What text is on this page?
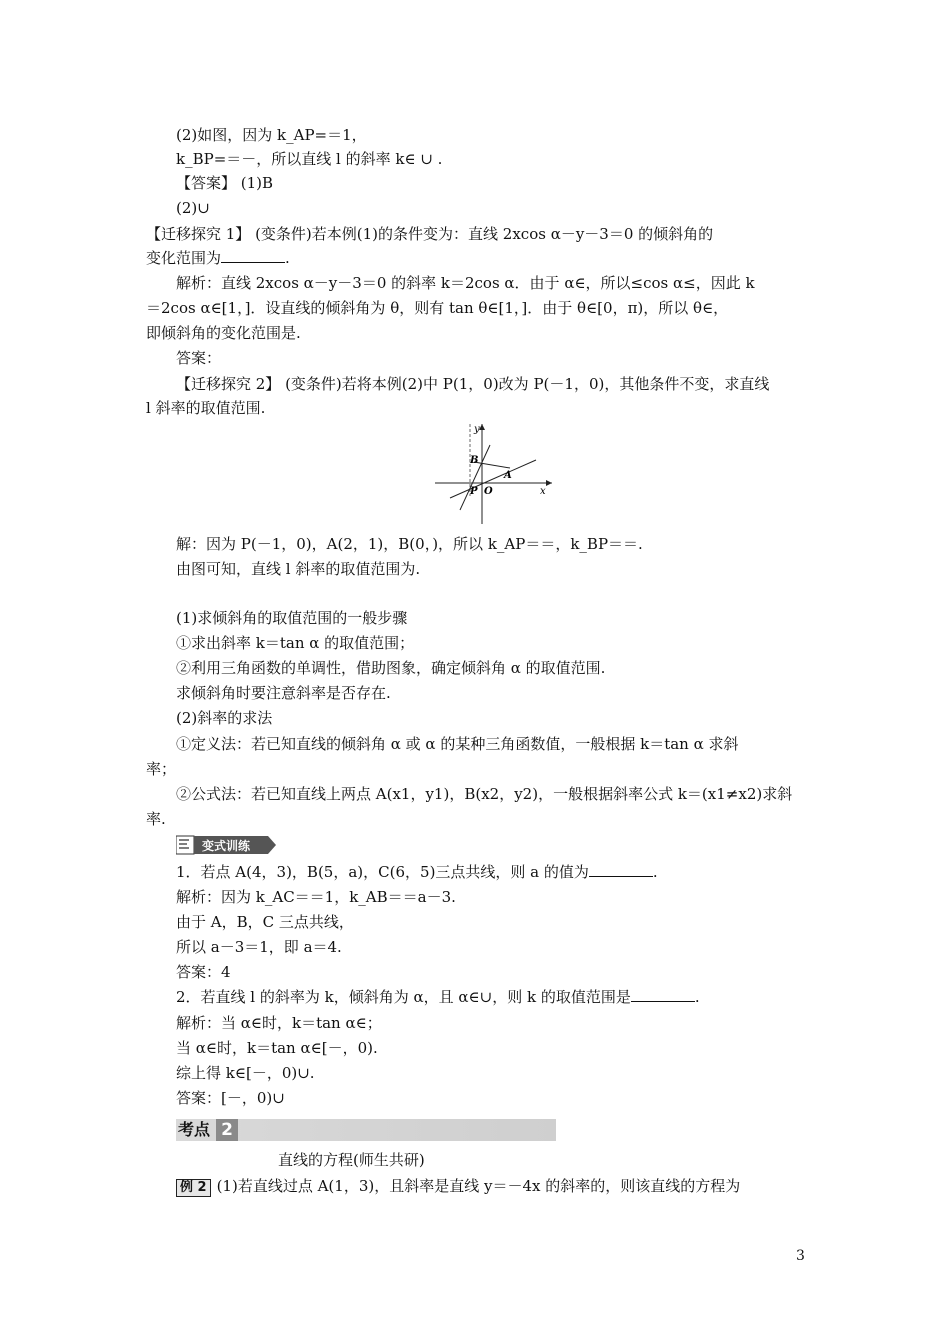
(2)如图，因为 k_AP=＝1，
k_BP=＝－，所以直线 l 的斜率 k∈ ∪ .
【答案】 (1)B
(2)∪
【迁移探究 1】 (变条件)若本例(1)的条件变为：直线 2xcos α－y－3＝0 的倾斜角的
变化范围为	.
解析：直线 2xcos α－y－3＝0 的斜率 k＝2cos α．由于 α∈，所以≤cos α≤，因此 k
＝2cos α∈[1，]．设直线的倾斜角为 θ，则有 tan θ∈[1，]．由于 θ∈[0，π)，所以 θ∈，
即倾斜角的变化范围是.
答案：
【迁移探究 2】 (变条件)若将本例(2)中 P(1，0)改为 P(－1，0)，其他条件不变，求直线
l 斜率的取值范围.
y
x
B
A
P O
解：因为 P(－1，0)，A(2，1)，B(0，)，所以 k_AP＝＝，k_BP＝＝.
由图可知，直线 l 斜率的取值范围为.
(1)求倾斜角的取值范围的一般步骤
①求出斜率 k＝tan α 的取值范围；
②利用三角函数的单调性，借助图象，确定倾斜角 α 的取值范围.
求倾斜角时要注意斜率是否存在.
(2)斜率的求法
①定义法：若已知直线的倾斜角 α 或 α 的某种三角函数值，一般根据 k＝tan α 求斜
率；
②公式法：若已知直线上两点 A(x1，y1)，B(x2，y2)，一般根据斜率公式 k＝(x1≠x2)求斜
率.
变式训练
1．若点 A(4，3)，B(5，a)，C(6，5)三点共线，则 a 的值为	.
解析：因为 k_AC＝＝1，k_AB＝＝a－3.
由于 A，B，C 三点共线，
所以 a－3＝1，即 a＝4.
答案：4
2．若直线 l 的斜率为 k，倾斜角为 α，且 α∈∪，则 k 的取值范围是	.
解析：当 α∈时，k＝tan α∈；
当 α∈时，k＝tan α∈[－，0).
综上得 k∈[－，0)∪.
答案：[－，0)∪
考点 2
直线的方程(师生共研)
例 2 (1)若直线过点 A(1，3)，且斜率是直线 y＝－4x 的斜率的，则该直线的方程为
3
